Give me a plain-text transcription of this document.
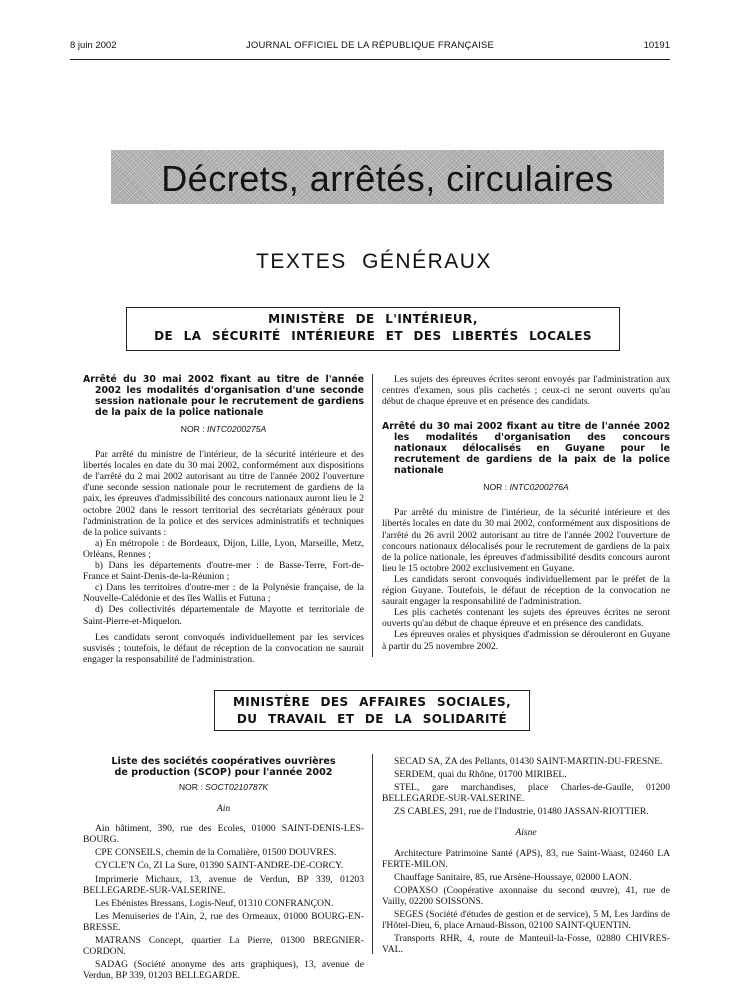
8 juin 2002	JOURNAL OFFICIEL DE LA RÉPUBLIQUE FRANÇAISE	10191
Décrets, arrêtés, circulaires
TEXTES GÉNÉRAUX
MINISTÈRE DE L'INTÉRIEUR,
DE LA SÉCURITÉ INTÉRIEURE ET DES LIBERTÉS LOCALES

Arrêté du 30 mai 2002 fixant au titre de l'année 2002 les modalités d'organisation d'une seconde session nationale pour le recrutement de gardiens de la paix de la police nationale

NOR : INTC0200275A

Par arrêté du ministre de l'intérieur, de la sécurité intérieure et des libertés locales en date du 30 mai 2002, conformément aux dispositions de l'arrêté du 2 mai 2002 autorisant au titre de l'année 2002 l'ouverture d'une seconde session nationale pour le recrutement de gardiens de la paix, les épreuves d'admissibilité des concours nationaux auront lieu le 2 octobre 2002 dans le ressort territorial des secrétariats généraux pour l'administration de la police et des services administratifs et techniques de la police suivants :

a) En métropole : de Bordeaux, Dijon, Lille, Lyon, Marseille, Metz, Orléans, Rennes ;

b) Dans les départements d'outre-mer : de Basse-Terre, Fort-de-France et Saint-Denis-de-la-Réunion ;

c) Dans les territoires d'outre-mer : de la Polynésie française, de la Nouvelle-Calédonie et des îles Wallis et Futuna ;

d) Des collectivités départementale de Mayotte et territoriale de Saint-Pierre-et-Miquelon.

Les candidats seront convoqués individuellement par les services susvisés ; toutefois, le défaut de réception de la convocation ne saurait engager la responsabilité de l'administration.

Les sujets des épreuves écrites seront envoyés par l'administration aux centres d'examen, sous plis cachetés ; ceux-ci ne seront ouverts qu'au début de chaque épreuve et en présence des candidats.

Arrêté du 30 mai 2002 fixant au titre de l'année 2002 les modalités d'organisation des concours nationaux délocalisés en Guyane pour le recrutement de gardiens de la paix de la police nationale

NOR : INTC0200276A

Par arrêté du ministre de l'intérieur, de la sécurité intérieure et des libertés locales en date du 30 mai 2002, conformément aux dispositions de l'arrêté du 26 avril 2002 autorisant au titre de l'année 2002 l'ouverture de concours nationaux délocalisés pour le recrutement de gardiens de la paix de la police nationale, les épreuves d'admissibilité desdits concours auront lieu le 15 octobre 2002 exclusivement en Guyane.

Les candidats seront convoqués individuellement par le préfet de la région Guyane. Toutefois, le défaut de réception de la convocation ne saurait engager la responsabilité de l'administration.

Les plis cachetés contenant les sujets des épreuves écrites ne seront ouverts qu'au début de chaque épreuve et en présence des candidats.

Les épreuves orales et physiques d'admission se dérouleront en Guyane à partir du 25 novembre 2002.

MINISTÈRE DES AFFAIRES SOCIALES,
DU TRAVAIL ET DE LA SOLIDARITÉ

Liste des sociétés coopératives ouvrières
de production (SCOP) pour l'année 2002

NOR : SOCT0210787K
Ain

Ain bâtiment, 390, rue des Ecoles, 01000 SAINT-DENIS-LES-BOURG.

CPE CONSEILS, chemin de la Cornalière, 01500 DOUVRES.

CYCLE'N Co, ZI La Sure, 01390 SAINT-ANDRE-DE-CORCY.

Imprimerie Michaux, 13, avenue de Verdun, BP 339, 01203 BELLEGARDE-SUR-VALSERINE.

Les Ebénistes Bressans, Logis-Neuf, 01310 CONFRANÇON.

Les Menuiseries de l'Ain, 2, rue des Ormeaux, 01000 BOURG-EN-BRESSE.

MATRANS Concept, quartier La Pierre, 01300 BREGNIER-CORDON.

SADAG (Société anonyme des arts graphiques), 13, avenue de Verdun, BP 339, 01203 BELLEGARDE.

SECAD SA, ZA des Pellants, 01430 SAINT-MARTIN-DU-FRESNE.

SERDEM, quai du Rhône, 01700 MIRIBEL.

STEL, gare marchandises, place Charles-de-Gaulle, 01200 BELLEGARDE-SUR-VALSERINE.

ZS CABLES, 291, rue de l'Industrie, 01480 JASSAN-RIOTTIER.

Aisne

Architecture Patrimoine Santé (APS), 83, rue Saint-Waast, 02460 LA FERTE-MILON.

Chauffage Sanitaire, 85, rue Arsène-Houssaye, 02000 LAON.

COPAXSO (Coopérative axonnaise du second œuvre), 41, rue de Vailly, 02200 SOISSONS.

SEGES (Société d'études de gestion et de service), 5 M, Les Jardins de l'Hôtel-Dieu, 6, place Arnaud-Bisson, 02100 SAINT-QUENTIN.

Transports RHR, 4, route de Manteuil-la-Fosse, 02880 CHIVRES-VAL.
